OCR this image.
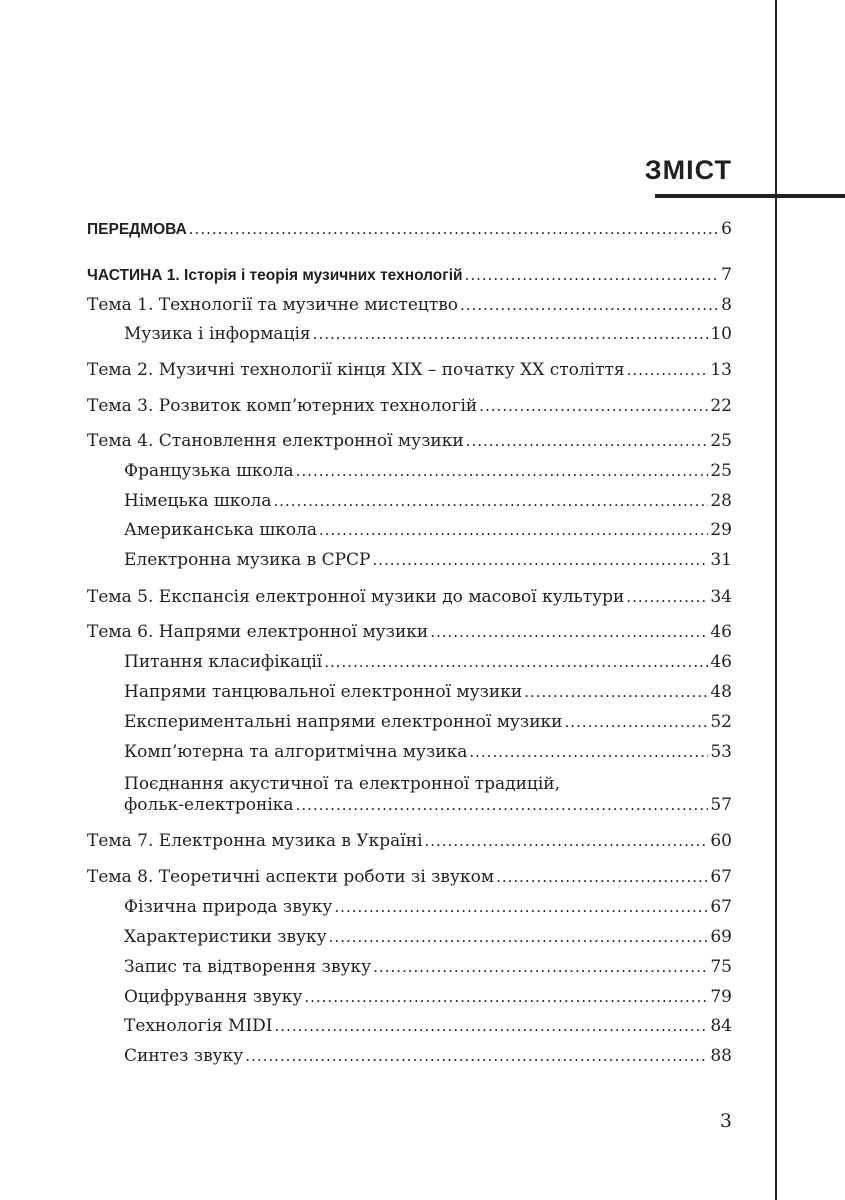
ЗМІСТ
ПЕРЕДМОВА .....	6
ЧАСТИНА 1. Історія і теорія музичних технологій .....	7
Тема 1. Технології та музичне мистецтво .....	8
Музика і інформація .....	10
Тема 2. Музичні технології кінця XIX – початку XX століття .....	13
Тема 3. Розвиток комп’ютерних технологій .....	22
Тема 4. Становлення електронної музики .....	25
Французька школа .....	25
Німецька школа .....	28
Американська школа .....	29
Електронна музика в СРСР .....	31
Тема 5. Експансія електронної музики до масової культури .....	34
Тема 6. Напрями електронної музики .....	46
Питання класифікації .....	46
Напрями танцювальної електронної музики .....	48
Експериментальні напрями електронної музики .....	52
Комп’ютерна та алгоритмічна музика .....	53
Поєднання акустичної та електронної традицій,
фольк-електроніка .....	57
Тема 7. Електронна музика в Україні .....	60
Тема 8. Теоретичні аспекти роботи зі звуком .....	67
Фізична природа звуку .....	67
Характеристики звуку .....	69
Запис та відтворення звуку .....	75
Оцифрування звуку .....	79
Технологія MIDI .....	84
Синтез звуку .....	88
3
